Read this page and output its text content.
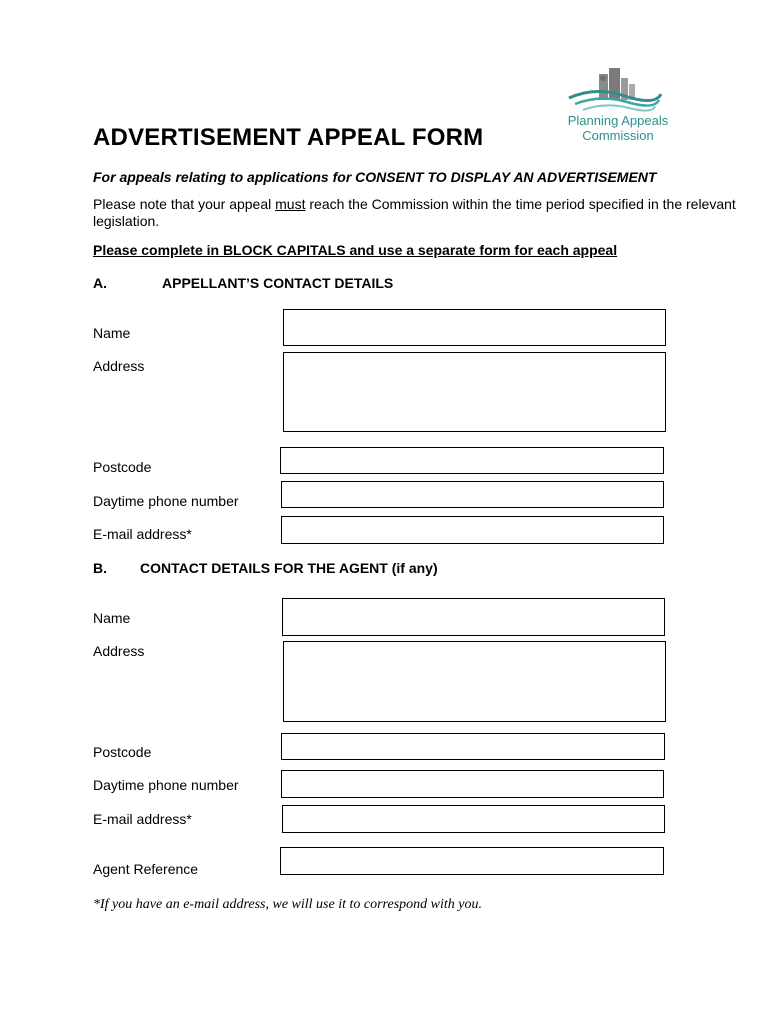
Planning Appeals
Commission
ADVERTISEMENT APPEAL FORM
For appeals relating to applications for CONSENT TO DISPLAY AN ADVERTISEMENT
Please note that your appeal must reach the Commission within the time period specified in the relevant legislation.
Please complete in BLOCK CAPITALS and use a separate form for each appeal
A.	APPELLANT’S CONTACT DETAILS
Name
Address
Postcode
Daytime phone number
E-mail address*
B. CONTACT DETAILS FOR THE AGENT (if any)
Name
Address
Postcode
Daytime phone number
E-mail address*
Agent Reference
*If you have an e-mail address, we will use it to correspond with you.
